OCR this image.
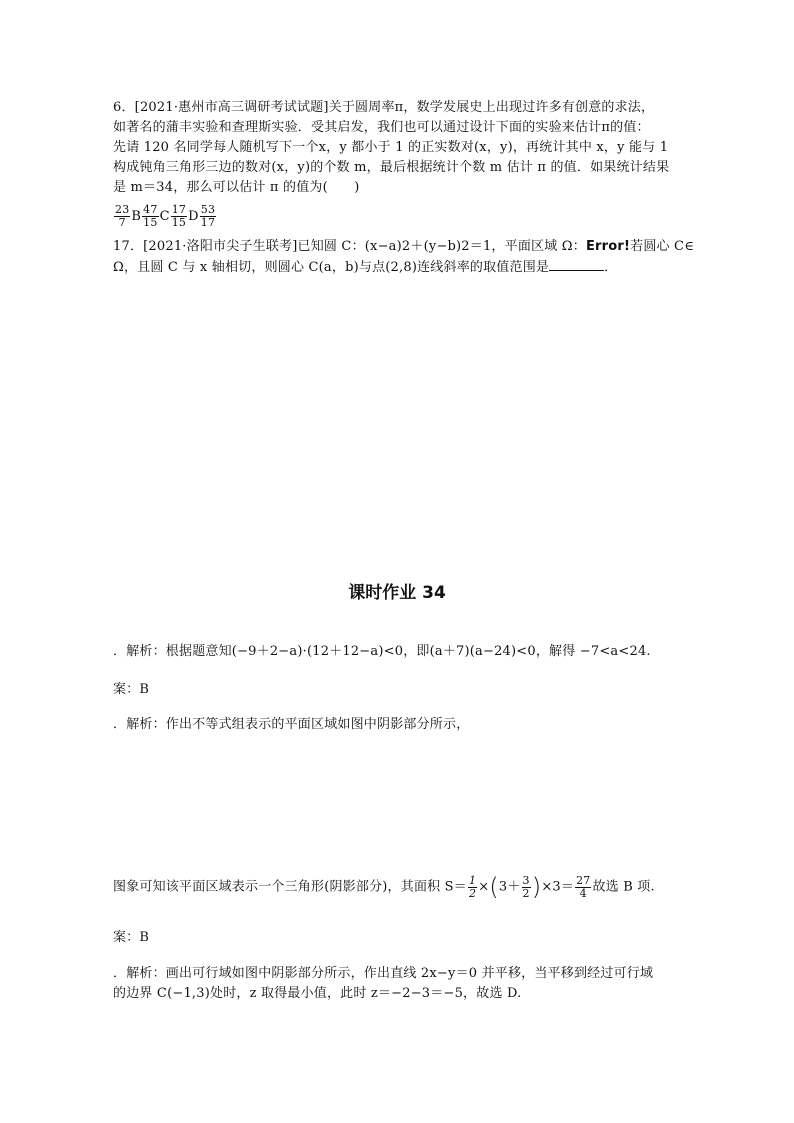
6．[2021·惠州市高三调研考试试题]关于圆周率π，数学发展史上出现过许多有创意的求法，
如著名的蒲丰实验和查理斯实验．受其启发，我们也可以通过设计下面的实验来估计π的值：
先请 120 名同学每人随机写下一个x，y 都小于 1 的正实数对(x，y)，再统计其中 x，y 能与 1
构成钝角三角形三边的数对(x，y)的个数 m，最后根据统计个数 m 估计 π 的值．如果统计结果
是 m＝34，那么可以估计 π 的值为(　　)
$\frac{23}{7}$ B $\frac{47}{15}$ C $\frac{17}{15}$ D $\frac{53}{17}$
17．[2021·洛阳市尖子生联考]已知圆 C：(x−a)2＋(y−b)2＝1，平面区域 Ω：Error!若圆心 C∈
Ω，且圆 C 与 x 轴相切，则圆心 C(a，b)与点(2,8)连线斜率的取值范围是	．
课时作业 34
．解析：根据题意知(−9＋2−a)·(12＋12−a)<0，即(a＋7)(a−24)<0，解得 −7<a<24.
案：B
．解析：作出不等式组表示的平面区域如图中阴影部分所示，
图象可知该平面区域表示一个三角形(阴影部分)，其面积 $S= \frac{1}{2} \times(3+ \frac{3}{2} )\times 3= \frac{27}{4}$ 故选 B 项.
案：B
．解析：画出可行域如图中阴影部分所示，作出直线 2x−y＝0 并平移，当平移到经过可行域
的边界 C(−1,3)处时，z 取得最小值，此时 z＝−2−3＝−5，故选 D.
